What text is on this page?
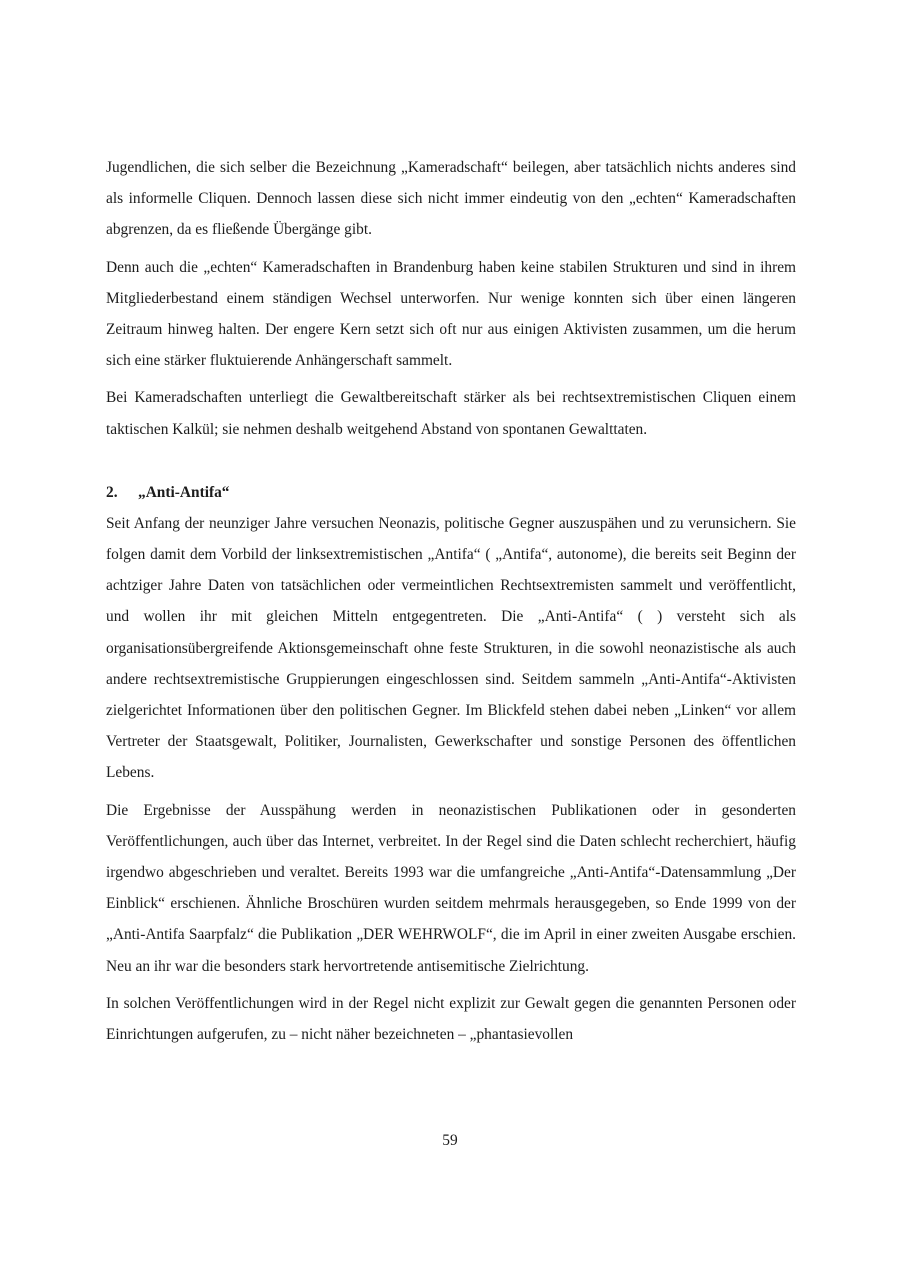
Jugendlichen, die sich selber die Bezeichnung „Kameradschaft“ beilegen, aber tatsächlich nichts anderes sind als informelle Cliquen. Dennoch lassen diese sich nicht immer eindeutig von den „echten“ Kameradschaften abgrenzen, da es fließende Übergänge gibt.

Denn auch die „echten“ Kameradschaften in Brandenburg haben keine stabilen Strukturen und sind in ihrem Mitgliederbestand einem ständigen Wechsel unterworfen. Nur wenige konnten sich über einen längeren Zeitraum hinweg halten. Der engere Kern setzt sich oft nur aus einigen Aktivisten zusammen, um die herum sich eine stärker fluktuierende Anhängerschaft sammelt.

Bei Kameradschaften unterliegt die Gewaltbereitschaft stärker als bei rechtsextremistischen Cliquen einem taktischen Kalkül; sie nehmen deshalb weitgehend Abstand von spontanen Gewalttaten.

2. „Anti-Antifa“

Seit Anfang der neunziger Jahre versuchen Neonazis, politische Gegner auszuspähen und zu verunsichern. Sie folgen damit dem Vorbild der linksextremistischen „Antifa“ ( „Antifa“, autonome), die bereits seit Beginn der achtziger Jahre Daten von tatsächlichen oder vermeintlichen Rechtsextremisten sammelt und veröffentlicht, und wollen ihr mit gleichen Mitteln entgegentreten. Die „Anti-Antifa“ ( ) versteht sich als organisationsübergreifende Aktionsgemeinschaft ohne feste Strukturen, in die sowohl neonazistische als auch andere rechtsextremistische Gruppierungen eingeschlossen sind. Seitdem sammeln „Anti-Antifa“-Aktivisten zielgerichtet Informationen über den politischen Gegner. Im Blickfeld stehen dabei neben „Linken“ vor allem Vertreter der Staatsgewalt, Politiker, Journalisten, Gewerkschafter und sonstige Personen des öffentlichen Lebens.

Die Ergebnisse der Ausspähung werden in neonazistischen Publikationen oder in gesonderten Veröffentlichungen, auch über das Internet, verbreitet. In der Regel sind die Daten schlecht recherchiert, häufig irgendwo abgeschrieben und veraltet. Bereits 1993 war die umfangreiche „Anti-Antifa“-Datensammlung „Der Einblick“ erschienen. Ähnliche Broschüren wurden seitdem mehrmals herausgegeben, so Ende 1999 von der „Anti-Antifa Saarpfalz“ die Publikation „DER WEHRWOLF“, die im April in einer zweiten Ausgabe erschien. Neu an ihr war die besonders stark hervortretende antisemitische Zielrichtung.

In solchen Veröffentlichungen wird in der Regel nicht explizit zur Gewalt gegen die genannten Personen oder Einrichtungen aufgerufen, zu – nicht näher bezeichneten – „phantasievollen

59
